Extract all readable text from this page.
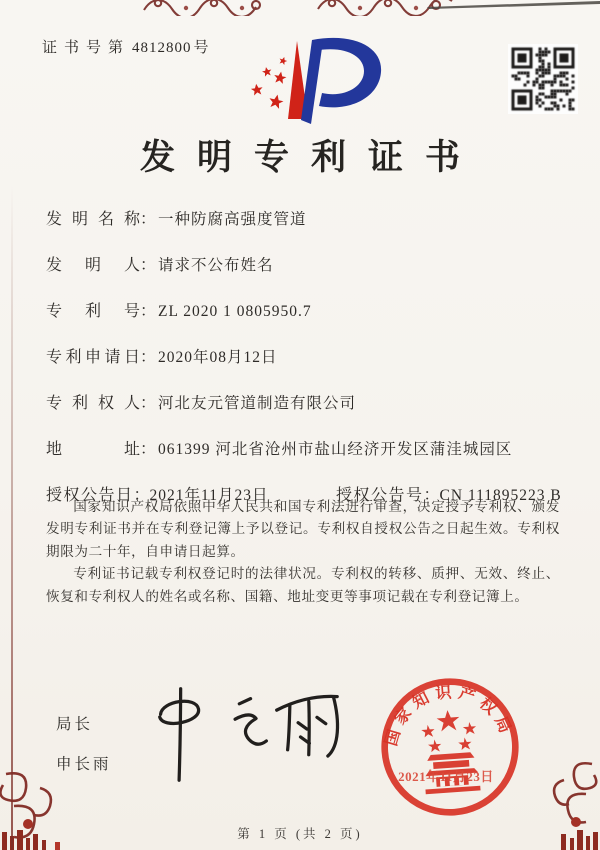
证书号第 4812800 号
发明专利证书
发明名称 ： 一种防腐高强度管道
发明人 ： 请求不公布姓名
专利号 ： ZL 2020 1 0805950.7
专利申请日 ： 2020年08月12日
专利权人 ： 河北友元管道制造有限公司
地址 ： 061399 河北省沧州市盐山经济开发区蒲洼城园区
授权公告日：2021年11月23日	授权公告号：CN 111895223 B

国家知识产权局依照中华人民共和国专利法进行审查，决定授予专利权、颁发发明专利证书并在专利登记簿上予以登记。专利权自授权公告之日起生效。专利权期限为二十年，自申请日起算。

专利证书记载专利权登记时的法律状况。专利权的转移、质押、无效、终止、恢复和专利权人的姓名或名称、国籍、地址变更等事项记载在专利登记簿上。

局长
申长雨
国家知识产权局
2021年11月23日
第 1 页 (共 2 页)
